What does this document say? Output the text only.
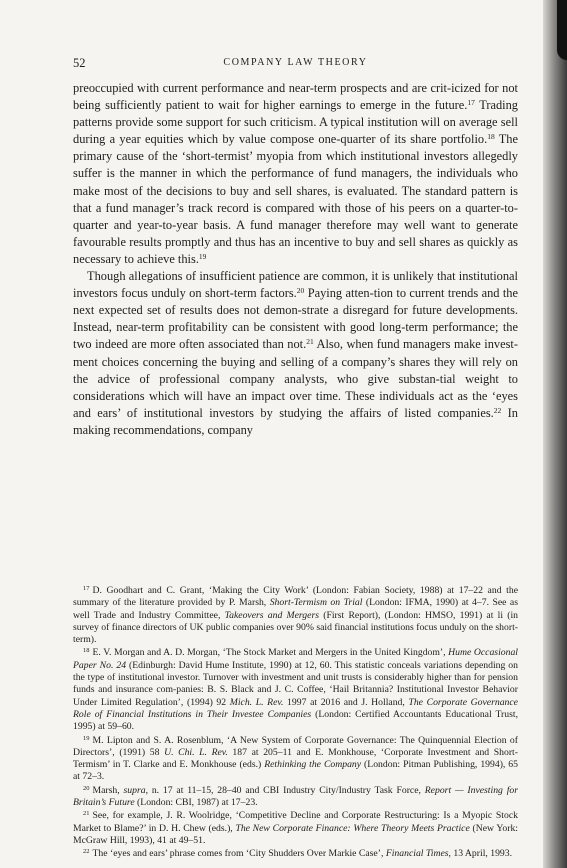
52	COMPANY LAW THEORY

preoccupied with current performance and near-term prospects and are crit-icized for not being sufficiently patient to wait for higher earnings to emerge in the future.$^{17}$ Trading patterns provide some support for such criticism. A typical institution will on average sell during a year equities which by value compose one-quarter of its share portfolio.$^{18}$ The primary cause of the ‘short-termist’ myopia from which institutional investors allegedly suffer is the manner in which the performance of fund managers, the individuals who make most of the decisions to buy and sell shares, is evaluated. The standard pattern is that a fund manager’s track record is compared with those of his peers on a quarter-to-quarter and year-to-year basis. A fund manager therefore may well want to generate favourable results promptly and thus has an incentive to buy and sell shares as quickly as necessary to achieve this.$^{19}$

Though allegations of insufficient patience are common, it is unlikely that institutional investors focus unduly on short-term factors.$^{20}$ Paying atten-tion to current trends and the next expected set of results does not demon-strate a disregard for future developments. Instead, near-term profitability can be consistent with good long-term performance; the two indeed are more often associated than not.$^{21}$ Also, when fund managers make invest-ment choices concerning the buying and selling of a company’s shares they will rely on the advice of professional company analysts, who give substan-tial weight to considerations which will have an impact over time. These individuals act as the ‘eyes and ears’ of institutional investors by studying the affairs of listed companies.$^{22}$ In making recommendations, company

$^{17}$ D. Goodhart and C. Grant, ‘Making the City Work’ (London: Fabian Society, 1988) at 17–22 and the summary of the literature provided by P. Marsh, Short-Termism on Trial (London: IFMA, 1990) at 4–7. See as well Trade and Industry Committee, Takeovers and Mergers (First Report), (London: HMSO, 1991) at li (in survey of finance directors of UK public companies over 90% said financial institutions focus unduly on the short-term).

$^{18}$ E. V. Morgan and A. D. Morgan, ‘The Stock Market and Mergers in the United Kingdom’, Hume Occasional Paper No. 24 (Edinburgh: David Hume Institute, 1990) at 12, 60. This statistic conceals variations depending on the type of institutional investor. Turnover with investment and unit trusts is considerably higher than for pension funds and insurance com-panies: B. S. Black and J. C. Coffee, ‘Hail Britannia? Institutional Investor Behavior Under Limited Regulation’, (1994) 92 Mich. L. Rev. 1997 at 2016 and J. Holland, The Corporate Governance Role of Financial Institutions in Their Investee Companies (London: Certified Accountants Educational Trust, 1995) at 59–60.

$^{19}$ M. Lipton and S. A. Rosenblum, ‘A New System of Corporate Governance: The Quinquennial Election of Directors’, (1991) 58 U. Chi. L. Rev. 187 at 205–11 and E. Monkhouse, ‘Corporate Investment and Short-Termism’ in T. Clarke and E. Monkhouse (eds.) Rethinking the Company (London: Pitman Publishing, 1994), 65 at 72–3.

$^{20}$ Marsh, supra, n. 17 at 11–15, 28–40 and CBI Industry City/Industry Task Force, Report — Investing for Britain’s Future (London: CBI, 1987) at 17–23.

$^{21}$ See, for example, J. R. Woolridge, ‘Competitive Decline and Corporate Restructuring: Is a Myopic Stock Market to Blame?’ in D. H. Chew (eds.), The New Corporate Finance: Where Theory Meets Practice (New York: McGraw Hill, 1993), 41 at 49–51.

$^{22}$ The ‘eyes and ears’ phrase comes from ‘City Shudders Over Markie Case’, Financial Times, 13 April, 1993.
